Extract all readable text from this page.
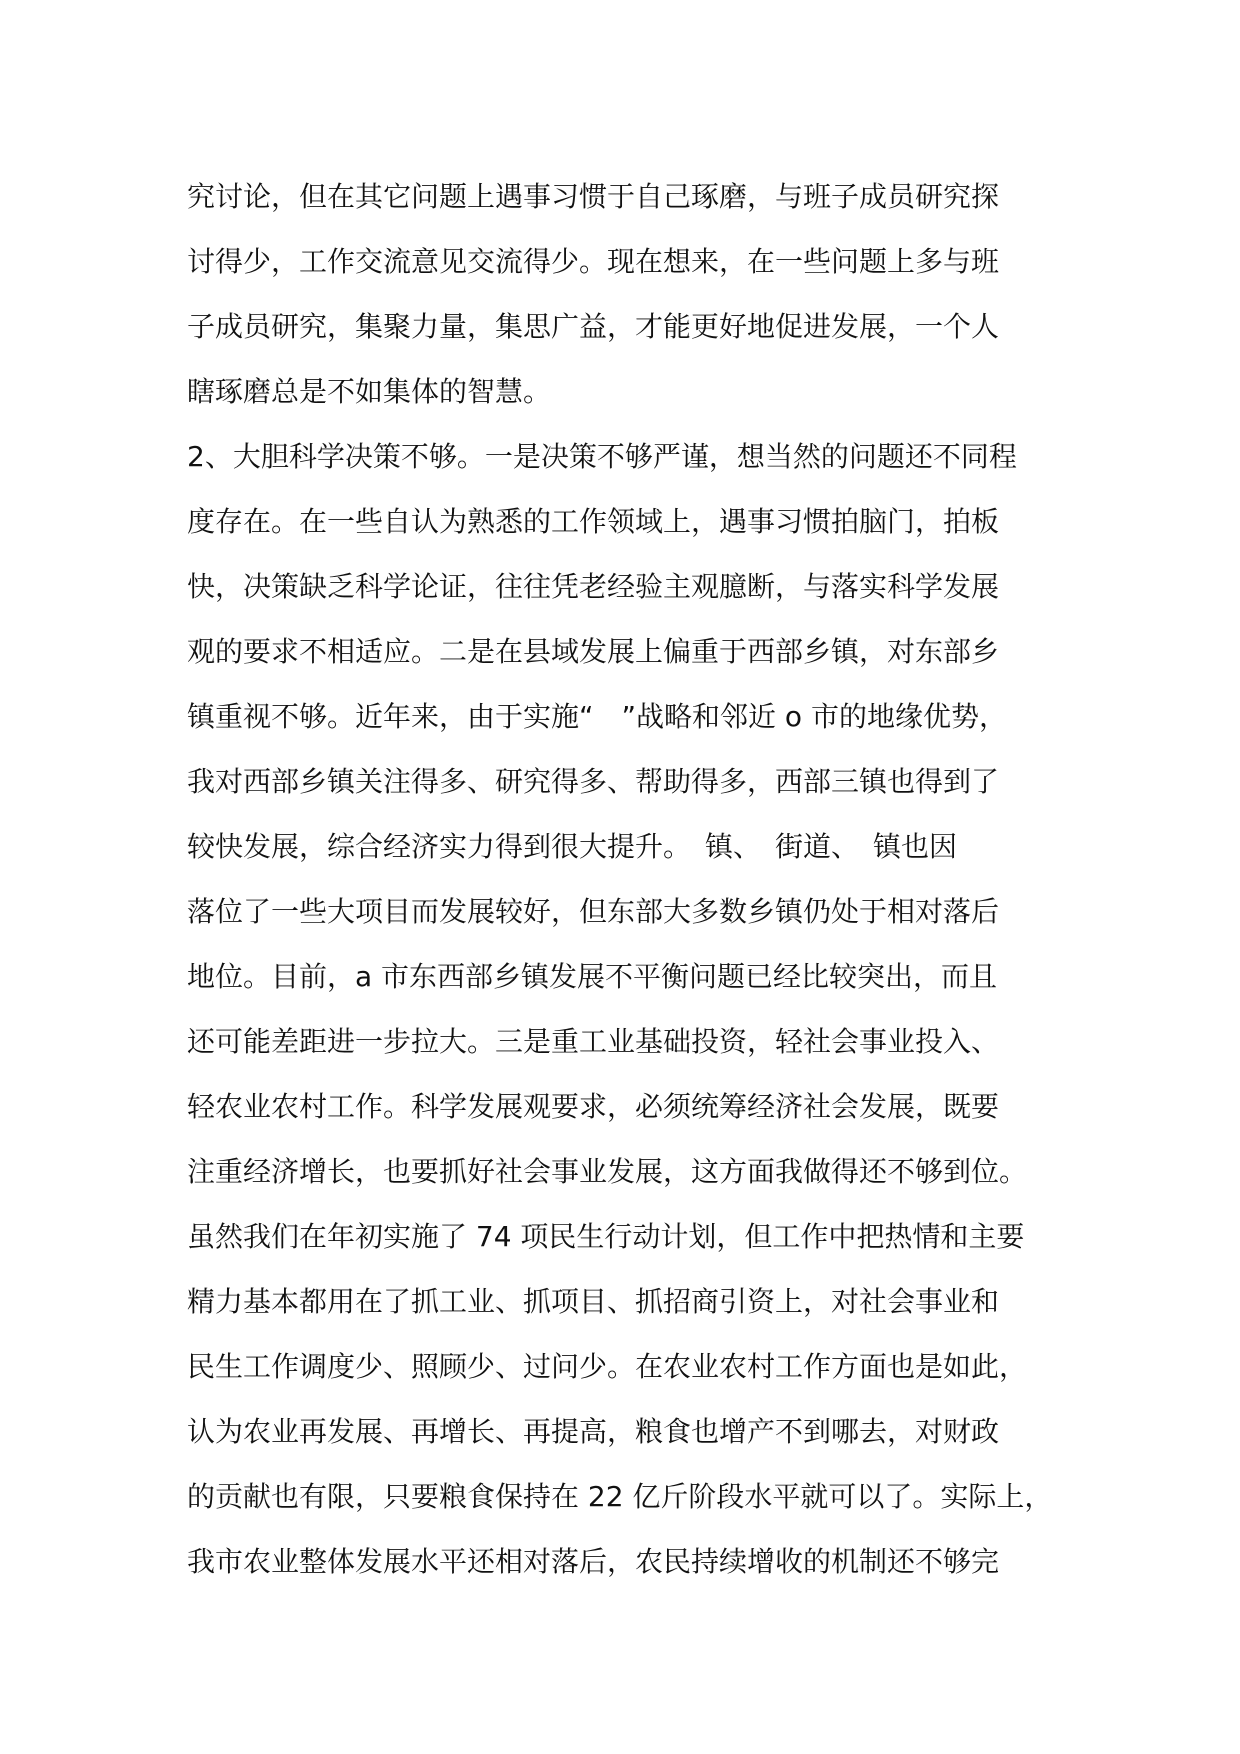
究讨论，但在其它问题上遇事习惯于自己琢磨，与班子成员研究探
讨得少，工作交流意见交流得少。现在想来，在一些问题上多与班
子成员研究，集聚力量，集思广益，才能更好地促进发展，一个人
瞎琢磨总是不如集体的智慧。
2、大胆科学决策不够。一是决策不够严谨，想当然的问题还不同程
度存在。在一些自认为熟悉的工作领域上，遇事习惯拍脑门，拍板
快，决策缺乏科学论证，往往凭老经验主观臆断，与落实科学发展
观的要求不相适应。二是在县域发展上偏重于西部乡镇，对东部乡
镇重视不够。近年来，由于实施“　”战略和邻近 o 市的地缘优势，
我对西部乡镇关注得多、研究得多、帮助得多，西部三镇也得到了
较快发展，综合经济实力得到很大提升。　镇、　街道、　镇也因
落位了一些大项目而发展较好，但东部大多数乡镇仍处于相对落后
地位。目前，a 市东西部乡镇发展不平衡问题已经比较突出，而且
还可能差距进一步拉大。三是重工业基础投资，轻社会事业投入、
轻农业农村工作。科学发展观要求，必须统筹经济社会发展，既要
注重经济增长，也要抓好社会事业发展，这方面我做得还不够到位。
虽然我们在年初实施了 74 项民生行动计划，但工作中把热情和主要
精力基本都用在了抓工业、抓项目、抓招商引资上，对社会事业和
民生工作调度少、照顾少、过问少。在农业农村工作方面也是如此，
认为农业再发展、再增长、再提高，粮食也增产不到哪去，对财政
的贡献也有限，只要粮食保持在 22 亿斤阶段水平就可以了。实际上，
我市农业整体发展水平还相对落后，农民持续增收的机制还不够完
